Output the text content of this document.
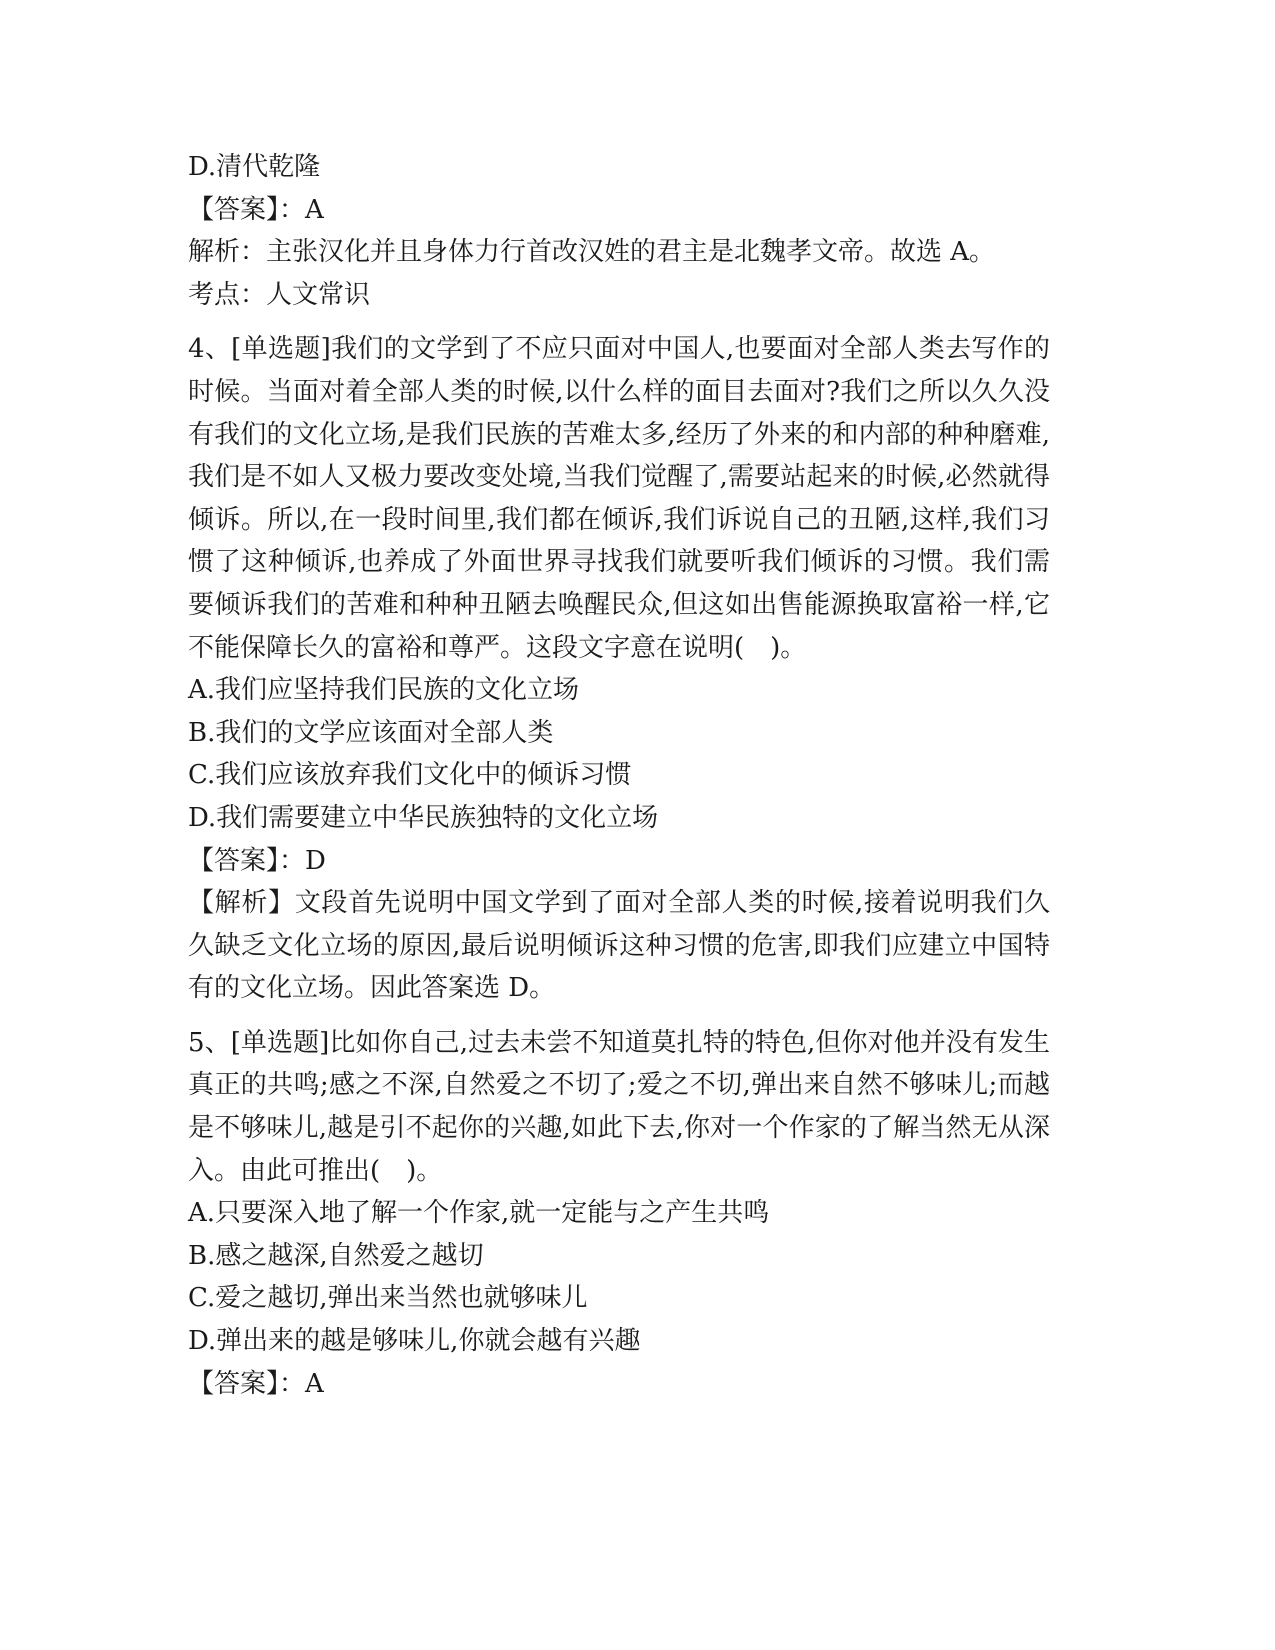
D.清代乾隆
【答案】：A
解析：主张汉化并且身体力行首改汉姓的君主是北魏孝文帝。故选 A。
考点：人文常识
4、[单选题]我们的文学到了不应只面对中国人,也要面对全部人类去写作的时候。当面对着全部人类的时候,以什么样的面目去面对?我们之所以久久没有我们的文化立场,是我们民族的苦难太多,经历了外来的和内部的种种磨难,我们是不如人又极力要改变处境,当我们觉醒了,需要站起来的时候,必然就得倾诉。所以,在一段时间里,我们都在倾诉,我们诉说自己的丑陋,这样,我们习惯了这种倾诉,也养成了外面世界寻找我们就要听我们倾诉的习惯。我们需要倾诉我们的苦难和种种丑陋去唤醒民众,但这如出售能源换取富裕一样,它不能保障长久的富裕和尊严。这段文字意在说明(　)。
A.我们应坚持我们民族的文化立场
B.我们的文学应该面对全部人类
C.我们应该放弃我们文化中的倾诉习惯
D.我们需要建立中华民族独特的文化立场
【答案】：D
【解析】文段首先说明中国文学到了面对全部人类的时候,接着说明我们久久缺乏文化立场的原因,最后说明倾诉这种习惯的危害,即我们应建立中国特有的文化立场。因此答案选 D。
5、[单选题]比如你自己,过去未尝不知道莫扎特的特色,但你对他并没有发生真正的共鸣;感之不深,自然爱之不切了;爱之不切,弹出来自然不够味儿;而越是不够味儿,越是引不起你的兴趣,如此下去,你对一个作家的了解当然无从深入。由此可推出(　)。
A.只要深入地了解一个作家,就一定能与之产生共鸣
B.感之越深,自然爱之越切
C.爱之越切,弹出来当然也就够味儿
D.弹出来的越是够味儿,你就会越有兴趣
【答案】：A
